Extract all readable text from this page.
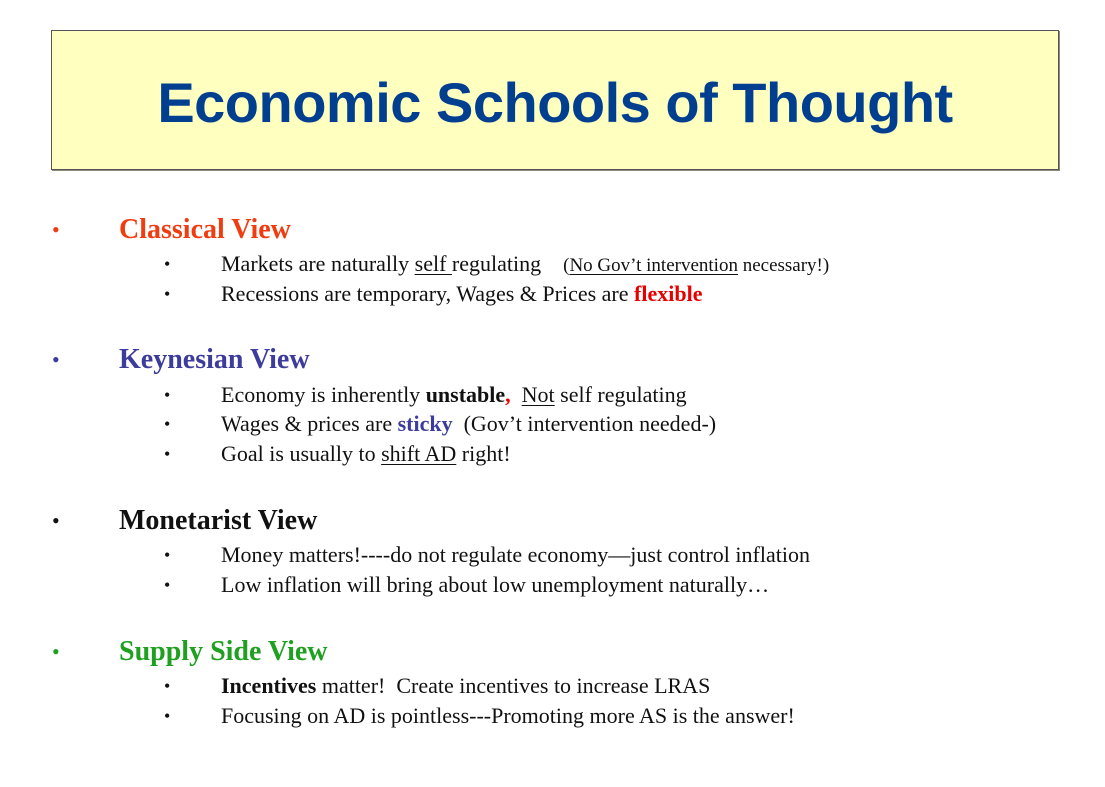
Economic Schools of Thought
• Classical View
• Markets are naturally self regulating    (No Gov’t intervention necessary!)
• Recessions are temporary, Wages & Prices are flexible
• Keynesian View
• Economy is inherently unstable, Not self regulating
• Wages & prices are sticky  (Gov’t intervention needed-)
• Goal is usually to shift AD right!
• Monetarist View
• Money matters!----do not regulate economy—just control inflation
• Low inflation will bring about low unemployment naturally…
• Supply Side View
• Incentives matter!  Create incentives to increase LRAS
• Focusing on AD is pointless---Promoting more AS is the answer!
